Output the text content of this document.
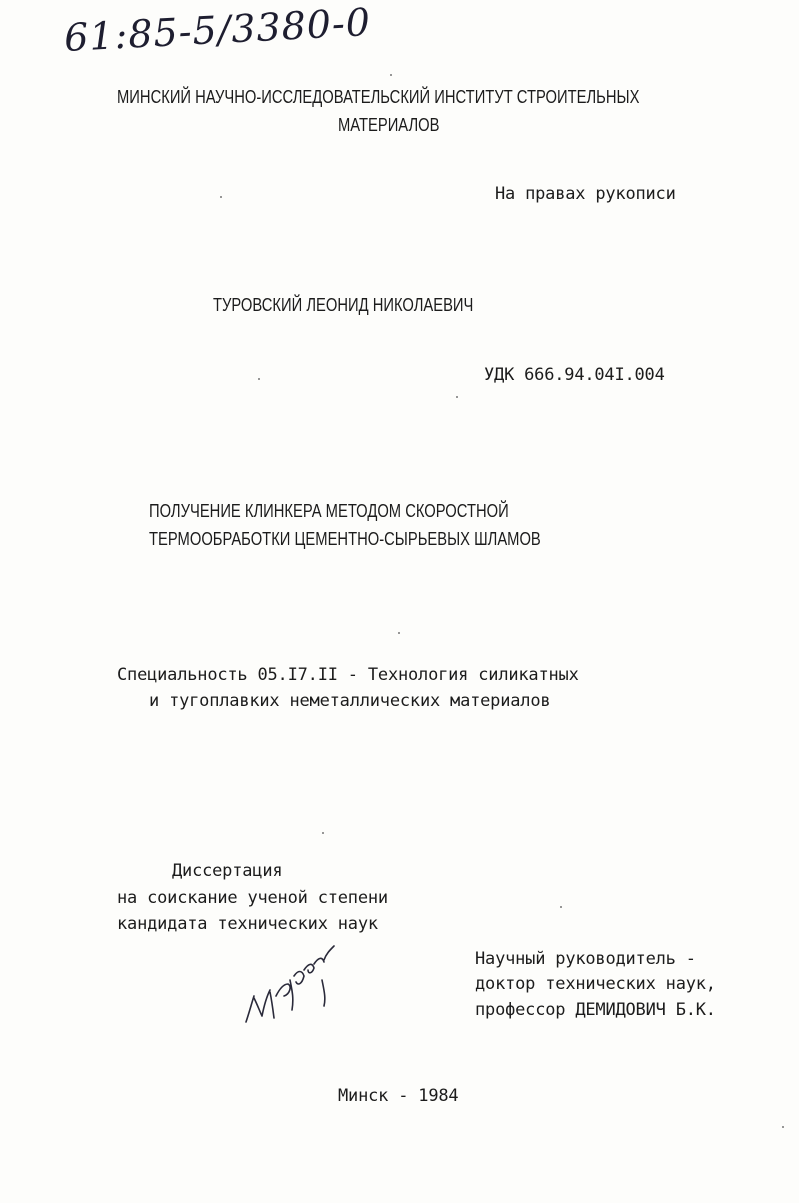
61:85-5/3380-0
МИНСКИЙ НАУЧНО-ИССЛЕДОВАТЕЛЬСКИЙ ИНСТИТУТ СТРОИТЕЛЬНЫХ
МАТЕРИАЛОВ
На правах рукописи
ТУРОВСКИЙ ЛЕОНИД НИКОЛАЕВИЧ
УДК 666.94.04I.004
ПОЛУЧЕНИЕ КЛИНКЕРА МЕТОДОМ СКОРОСТНОЙ
ТЕРМООБРАБОТКИ ЦЕМЕНТНО-СЫРЬЕВЫХ ШЛАМОВ
Специальность 05.I7.II - Технология силикатных
и тугоплавких неметаллических материалов
Диссертация
на соискание ученой степени
кандидата технических наук
Научный руководитель -
доктор технических наук,
профессор ДЕМИДОВИЧ Б.К.
Минск - 1984
